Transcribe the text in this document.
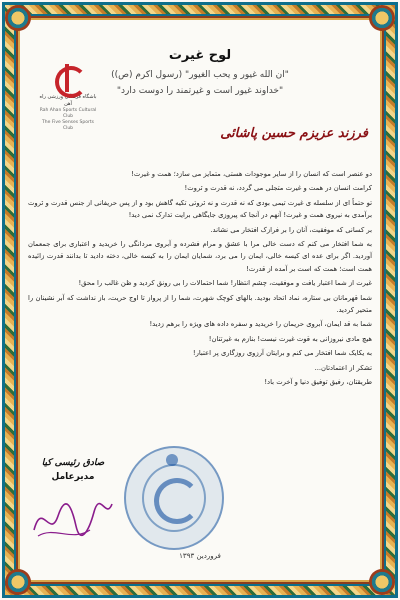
لوح غیرت
"ان الله غیور و یحب الغیور" (رسول اکرم (ص))
"خداوند غیور است و غیرتمند را دوست دارد"
باشگاه فرهنگی ورزشی راه آهن
Rah Ahan Sports Cultural Club
The Five Senses Sports Club	فرزند عزیزم حسین پاشائی

دو عنصر است که انسان را از سایر موجودات هستی، متمایز می سازد؛ همت و غیرت!

کرامت انسان در همت و غیرت متجلی می گردد، نه قدرت و ثروت!

تو حتماً ای از سلسله ی غیرت تیمی بودی که نه قدرت و نه ثروتی تکیه گاهش بود و از پس حریفانی از جنس قدرت و ثروت برآمدی به نیروی همت و غیرت! آنهم در آنجا که پیروزی جایگاهی برایت تدارک نمی دید!

بر کسانی که موفقیت، آنان را بر فرازک افتخار می نشاند.

به شما افتخار می کنم که دست خالی مرا با عشق و مرام فشرده و آبروی مردانگی را خریدید و اعتباری برای جمعمان آوردید. اگر برای عده ای کیسه خالی، ایمان را می برد، شمایان ایمان را به کیسه خالی، دخته دادید تا بدانند قدرت زائیده همت است؛ همت که است بر آمده از قدرت!

غیرت از شما اعتبار یافت و موفقیت، چشم انتظار! شما احتمالات را بی رونق کردید و ظن غالب را محق!

شما قهرمانان بی ستاره، نماد اتحاد بودید. بالهای کوچک شهرت، شما را از پرواز تا اوج حریت، باز نداشت که آبر نشینان را متحیر کردید.

شما به قد ایمان، آبروی حریمان را خریدید و سفره داده های ویژه را برهم زدید!

هیچ مادی نیروزانی به قوت غیرت نیست! بنازم به غیرتتان!

به یکایک شما افتخار می کنم و برایتان آرزوی روزگاری پر اعتبار!

تشکر از اعتمادتان...

طریقتان، رفیق توفیق دنیا و آخرت باد!

صادق رئیسی کیا
مدیرعامل
فروردین ۱۳۹۳
